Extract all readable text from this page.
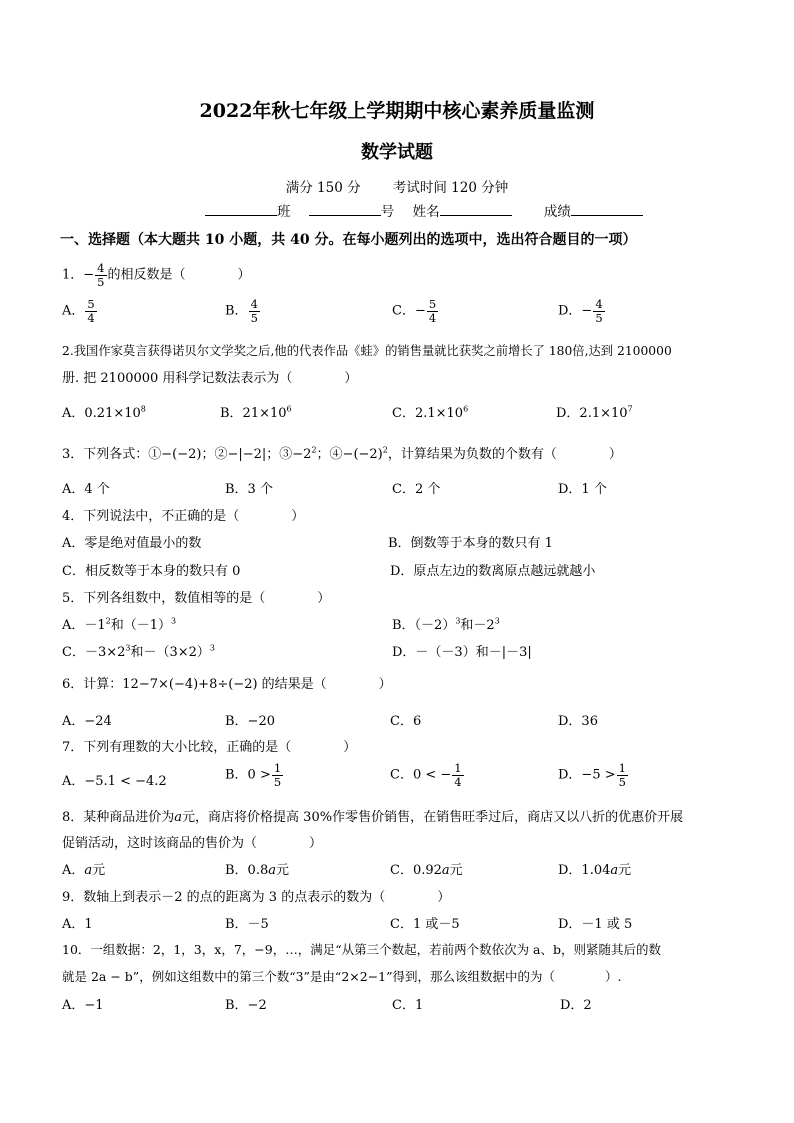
2022年秋七年级上学期期中核心素养质量监测
数学试题
满分 150 分 考试时间 120 分钟
班	号 姓名	成绩
一、选择题（本大题共 10 小题，共 40 分。在每小题列出的选项中，选出符合题目的一项）
1．− $\frac{4}{5}$ 的相反数是（　　　　）
A． $\frac{5}{4}$	B． $\frac{4}{5}$	C．− $\frac{5}{4}$	D．− $\frac{4}{5}$
2.我国作家莫言获得诺贝尔文学奖之后,他的代表作品《蛙》的销售量就比获奖之前增长了 180倍,达到 2100000
册. 把 2100000 用科学记数法表示为（　　　　）
A．$0.21\times 10^8$	B．$21\times 10^6$	C．$2.1\times 10^6$	D．$2.1\times 10^7$
3．下列各式：①−(−2)；②−|−2|；$③-2^2$；$④-(-2)^2$，计算结果为负数的个数有（　　　　）
A．4 个	B．3 个	C．2 个	D．1 个
4．下列说法中，不正确的是（　　　　）
A．零是绝对值最小的数	B．倒数等于本身的数只有 1
C．相反数等于本身的数只有 0	D．原点左边的数离原点越远就越小
5．下列各组数中，数值相等的是（　　　　）
A．$-1^2$和$(-1)^3$	B．$(-2)^3$和$-2^3$
C．$-3\times 2^3$和$-(3\times 2)^3$	D．－（－3）和－|－3|
6．计算：12−7×(−4)+8÷(−2) 的结果是（　　　　）
A．−24	B．−20	C．6	D．36
7．下列有理数的大小比较，正确的是（　　　　）
A．−5.1 < −4.2	B．$0 > \frac{1}{5}$	C．0 < − $\frac{1}{4}$	D．$-5 > \frac{1}{5}$
8．某种商品进价为a元，商店将价格提高 30%作零售价销售，在销售旺季过后，商店又以八折的优惠价开展
促销活动，这时该商品的售价为（　　　　）
A．a元	B．0.8a元	C．0.92a元	D．1.04a元
9．数轴上到表示－2 的点的距离为 3 的点表示的数为（　　　　）
A．1	B．－5	C．1 或－5	D．－1 或 5
10．一组数据：2，1，3，x，7，−9，…，满足“从第三个数起，若前两个数依次为 a、b，则紧随其后的数
就是 2a − b”，例如这组数中的第三个数“3”是由“2×2−1”得到，那么该组数据中的为（　　　　）.
A．−1	B．−2	C．1	D．2
